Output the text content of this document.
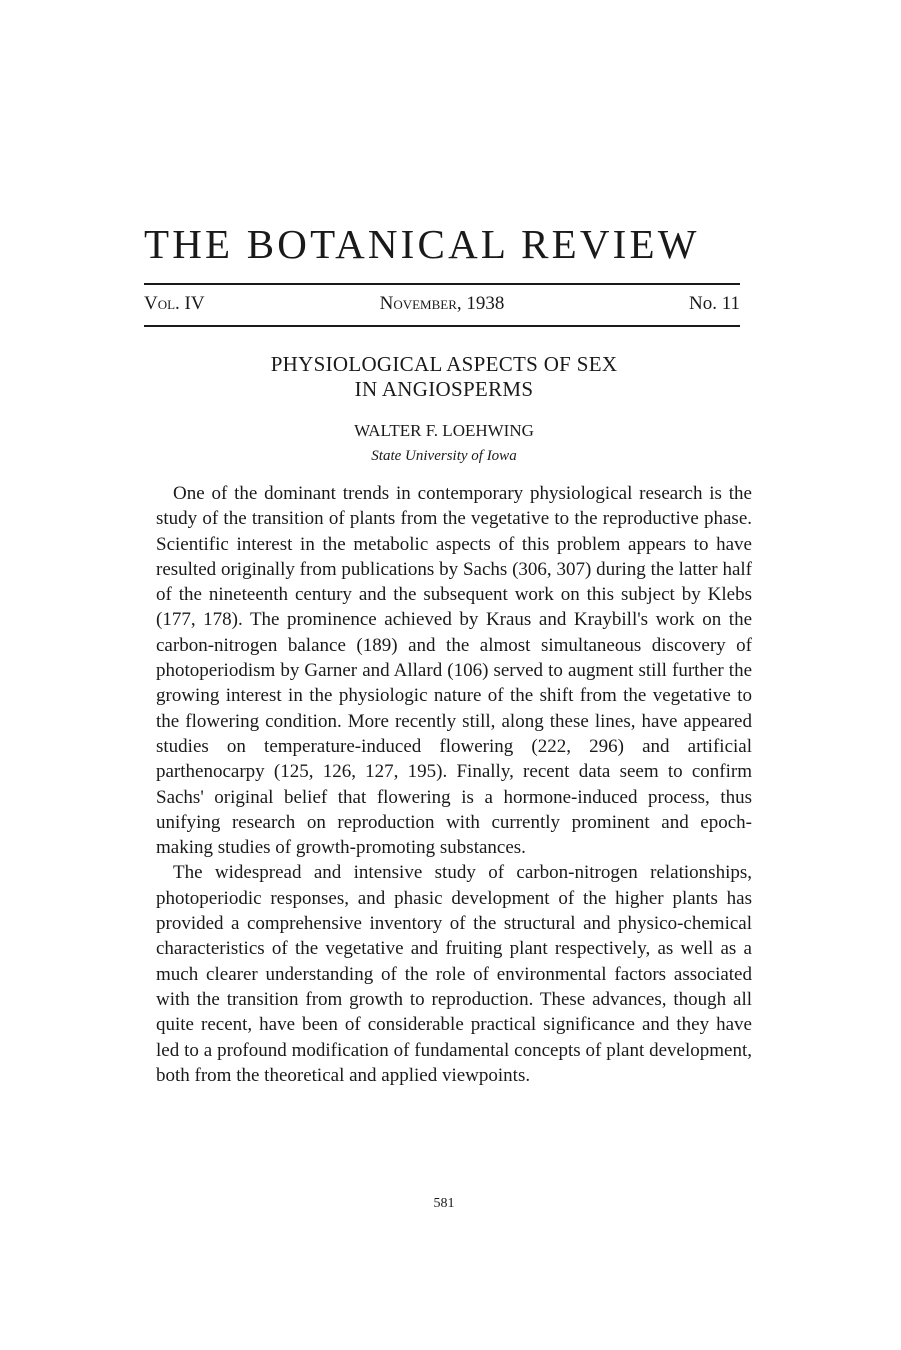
THE BOTANICAL REVIEW
Vol. IV	November, 1938	No. 11
PHYSIOLOGICAL ASPECTS OF SEX
IN ANGIOSPERMS
WALTER F. LOEHWING
State University of Iowa

One of the dominant trends in contemporary physiological research is the study of the transition of plants from the vegetative to the reproductive phase. Scientific interest in the metabolic aspects of this problem appears to have resulted originally from publications by Sachs (306, 307) during the latter half of the nineteenth century and the subsequent work on this subject by Klebs (177, 178). The prominence achieved by Kraus and Kraybill's work on the carbon-nitrogen balance (189) and the almost simultaneous discovery of photoperiodism by Garner and Allard (106) served to augment still further the growing interest in the physiologic nature of the shift from the vegetative to the flowering condition. More recently still, along these lines, have appeared studies on temperature-induced flowering (222, 296) and artificial parthenocarpy (125, 126, 127, 195). Finally, recent data seem to confirm Sachs' original belief that flowering is a hormone-induced process, thus unifying research on reproduction with currently prominent and epoch-making studies of growth-promoting substances.

The widespread and intensive study of carbon-nitrogen relationships, photoperiodic responses, and phasic development of the higher plants has provided a comprehensive inventory of the structural and physico-chemical characteristics of the vegetative and fruiting plant respectively, as well as a much clearer understanding of the role of environmental factors associated with the transition from growth to reproduction. These advances, though all quite recent, have been of considerable practical significance and they have led to a profound modification of fundamental concepts of plant development, both from the theoretical and applied viewpoints.

581
